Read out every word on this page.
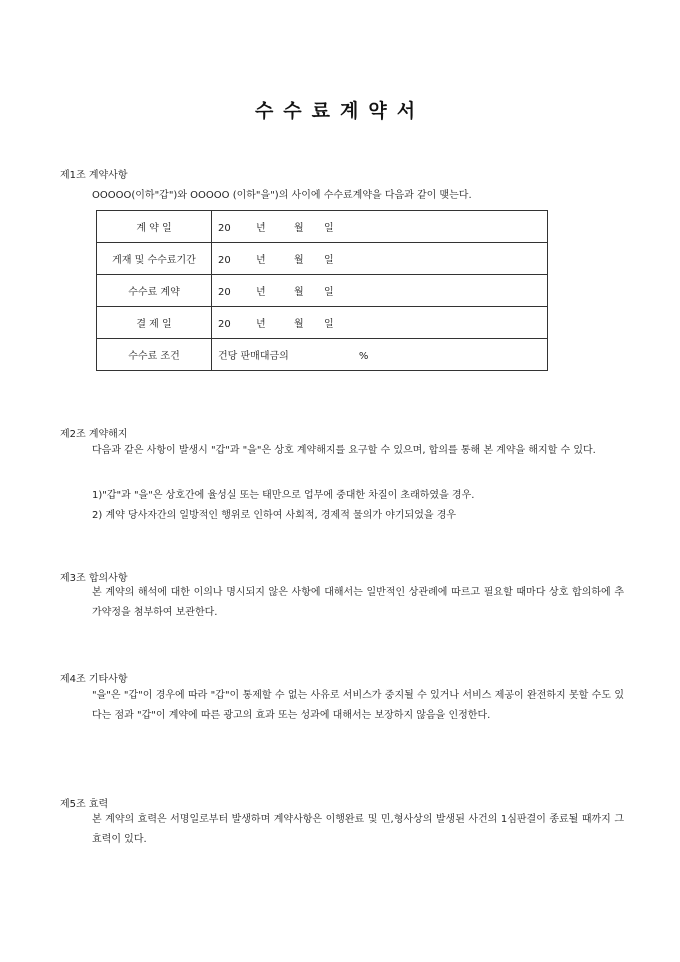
수수료계약서
제1조 계약사항
OOOOO(이하"갑")와 OOOOO (이하"을")의 사이에 수수료계약을 다음과 같이 맺는다.
계 약 일	20 년 월 일
게재 및 수수료기간	20 년 월 일
수수료 계약	20 년 월 일
결 제 일	20 년 월 일
수수료 조건	건당 판매대금의 %
제2조 계약해지
다음과 같은 사항이 발생시 "갑"과 "을"은 상호 계약해지를 요구할 수 있으며, 합의를 통해 본 계약을 해지할 수 있다.
1)"갑"과 "을"은 상호간에 율성실 또는 태만으로 업무에 중대한 차질이 초래하였을 경우.
2) 계약 당사자간의 일방적인 행위로 인하여 사회적, 경제적 물의가 야기되었을 경우
제3조 합의사항
본 계약의 해석에 대한 이의나 명시되지 않은 사항에 대해서는 일반적인 상관례에 따르고 필요할 때마다 상호 합의하에 추가약정을 첨부하여 보관한다.
제4조 기타사항
"을"은 "갑"이 경우에 따라 "갑"이 통제할 수 없는 사유로 서비스가 중지될 수 있거나 서비스 제공이 완전하지 못할 수도 있다는 점과 "갑"이 계약에 따른 광고의 효과 또는 성과에 대해서는 보장하지 않음을 인정한다.
제5조 효력
본 계약의 효력은 서명일로부터 발생하며 계약사항은 이행완료 및 민,형사상의 발생된 사건의 1심판결이 종료될 때까지 그 효력이 있다.
